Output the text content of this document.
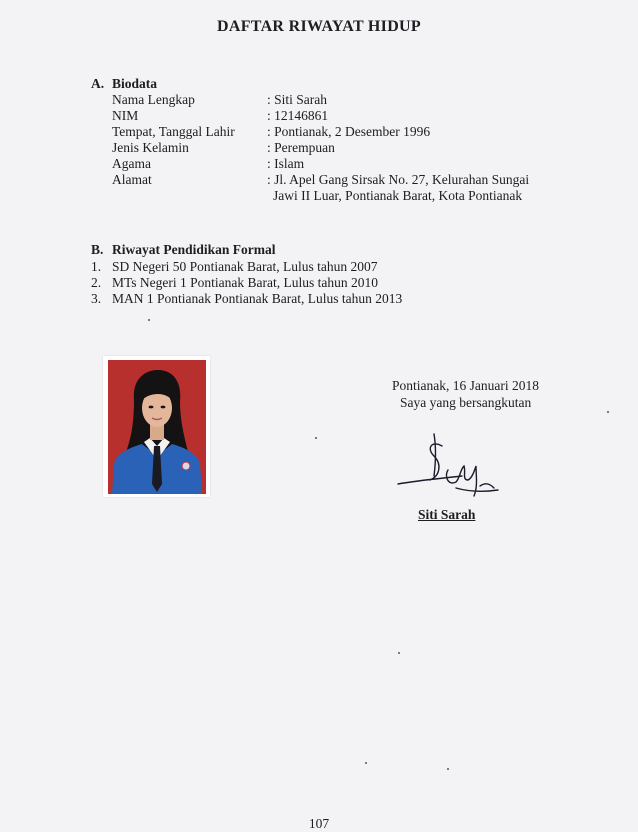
DAFTAR RIWAYAT HIDUP
A. Biodata
Nama Lengkap	: Siti Sarah
NIM	: 12146861
Tempat, Tanggal Lahir	: Pontianak, 2 Desember 1996
Jenis Kelamin	: Perempuan
Agama	: Islam
Alamat	: Jl. Apel Gang Sirsak No. 27, Kelurahan Sungai
Jawi II Luar, Pontianak Barat, Kota Pontianak
B. Riwayat Pendidikan Formal
1. SD Negeri 50 Pontianak Barat, Lulus tahun 2007
2. MTs Negeri 1 Pontianak Barat, Lulus tahun 2010
3. MAN 1 Pontianak Pontianak Barat, Lulus tahun 2013
Pontianak, 16 Januari 2018
Saya yang bersangkutan
Siti Sarah
107
